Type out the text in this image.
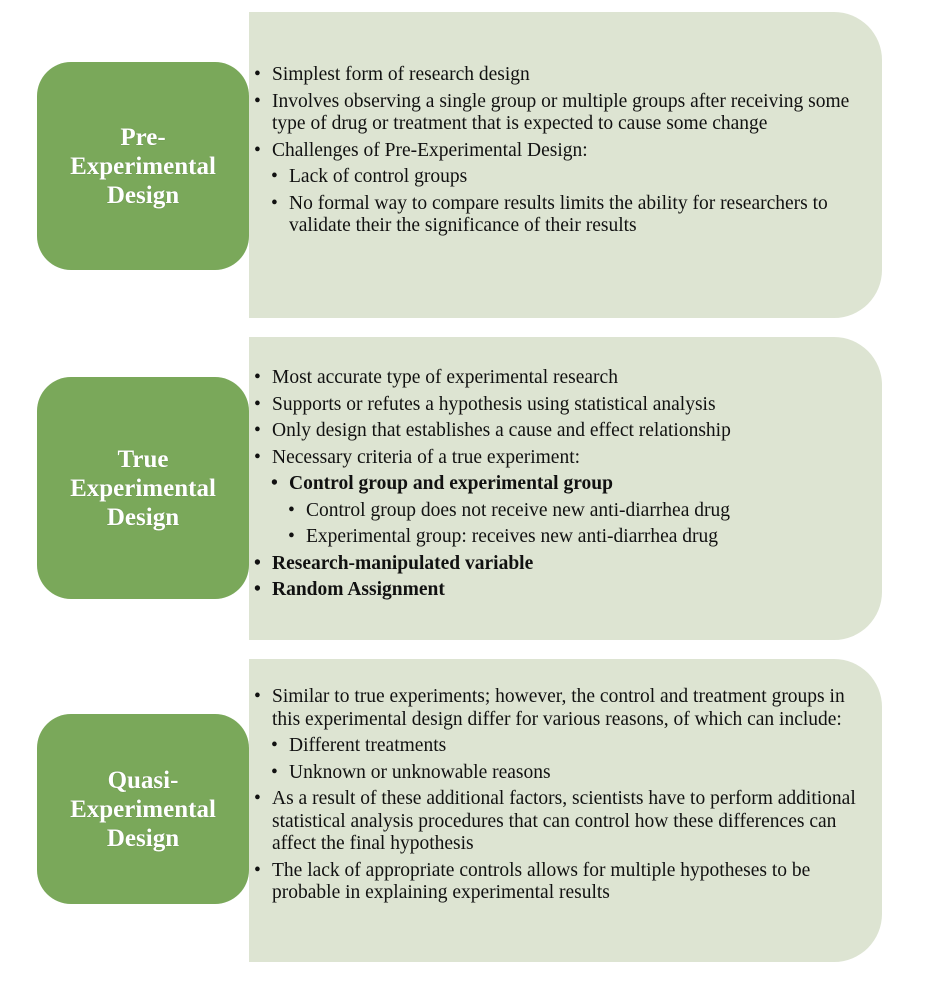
Pre-
Experimental
Design
• Simplest form of research design
• Involves observing a single group or multiple groups after receiving some type of drug or treatment that is expected to cause some change
• Challenges of Pre-Experimental Design:
• Lack of control groups
• No formal way to compare results limits the ability for researchers to validate their the significance of their results
True
Experimental
Design
• Most accurate type of experimental research
• Supports or refutes a hypothesis using statistical analysis
• Only design that establishes a cause and effect relationship
• Necessary criteria of a true experiment:
• Control group and experimental group
• Control group does not receive new anti-diarrhea drug
• Experimental group: receives new anti-diarrhea drug
• Research-manipulated variable
• Random Assignment
Quasi-
Experimental
Design
• Similar to true experiments; however, the control and treatment groups in this experimental design differ for various reasons, of which can include:
• Different treatments
• Unknown or unknowable reasons
• As a result of these additional factors, scientists have to perform additional statistical analysis procedures that can control how these differences can affect the final hypothesis
• The lack of appropriate controls allows for multiple hypotheses to be probable in explaining experimental results
